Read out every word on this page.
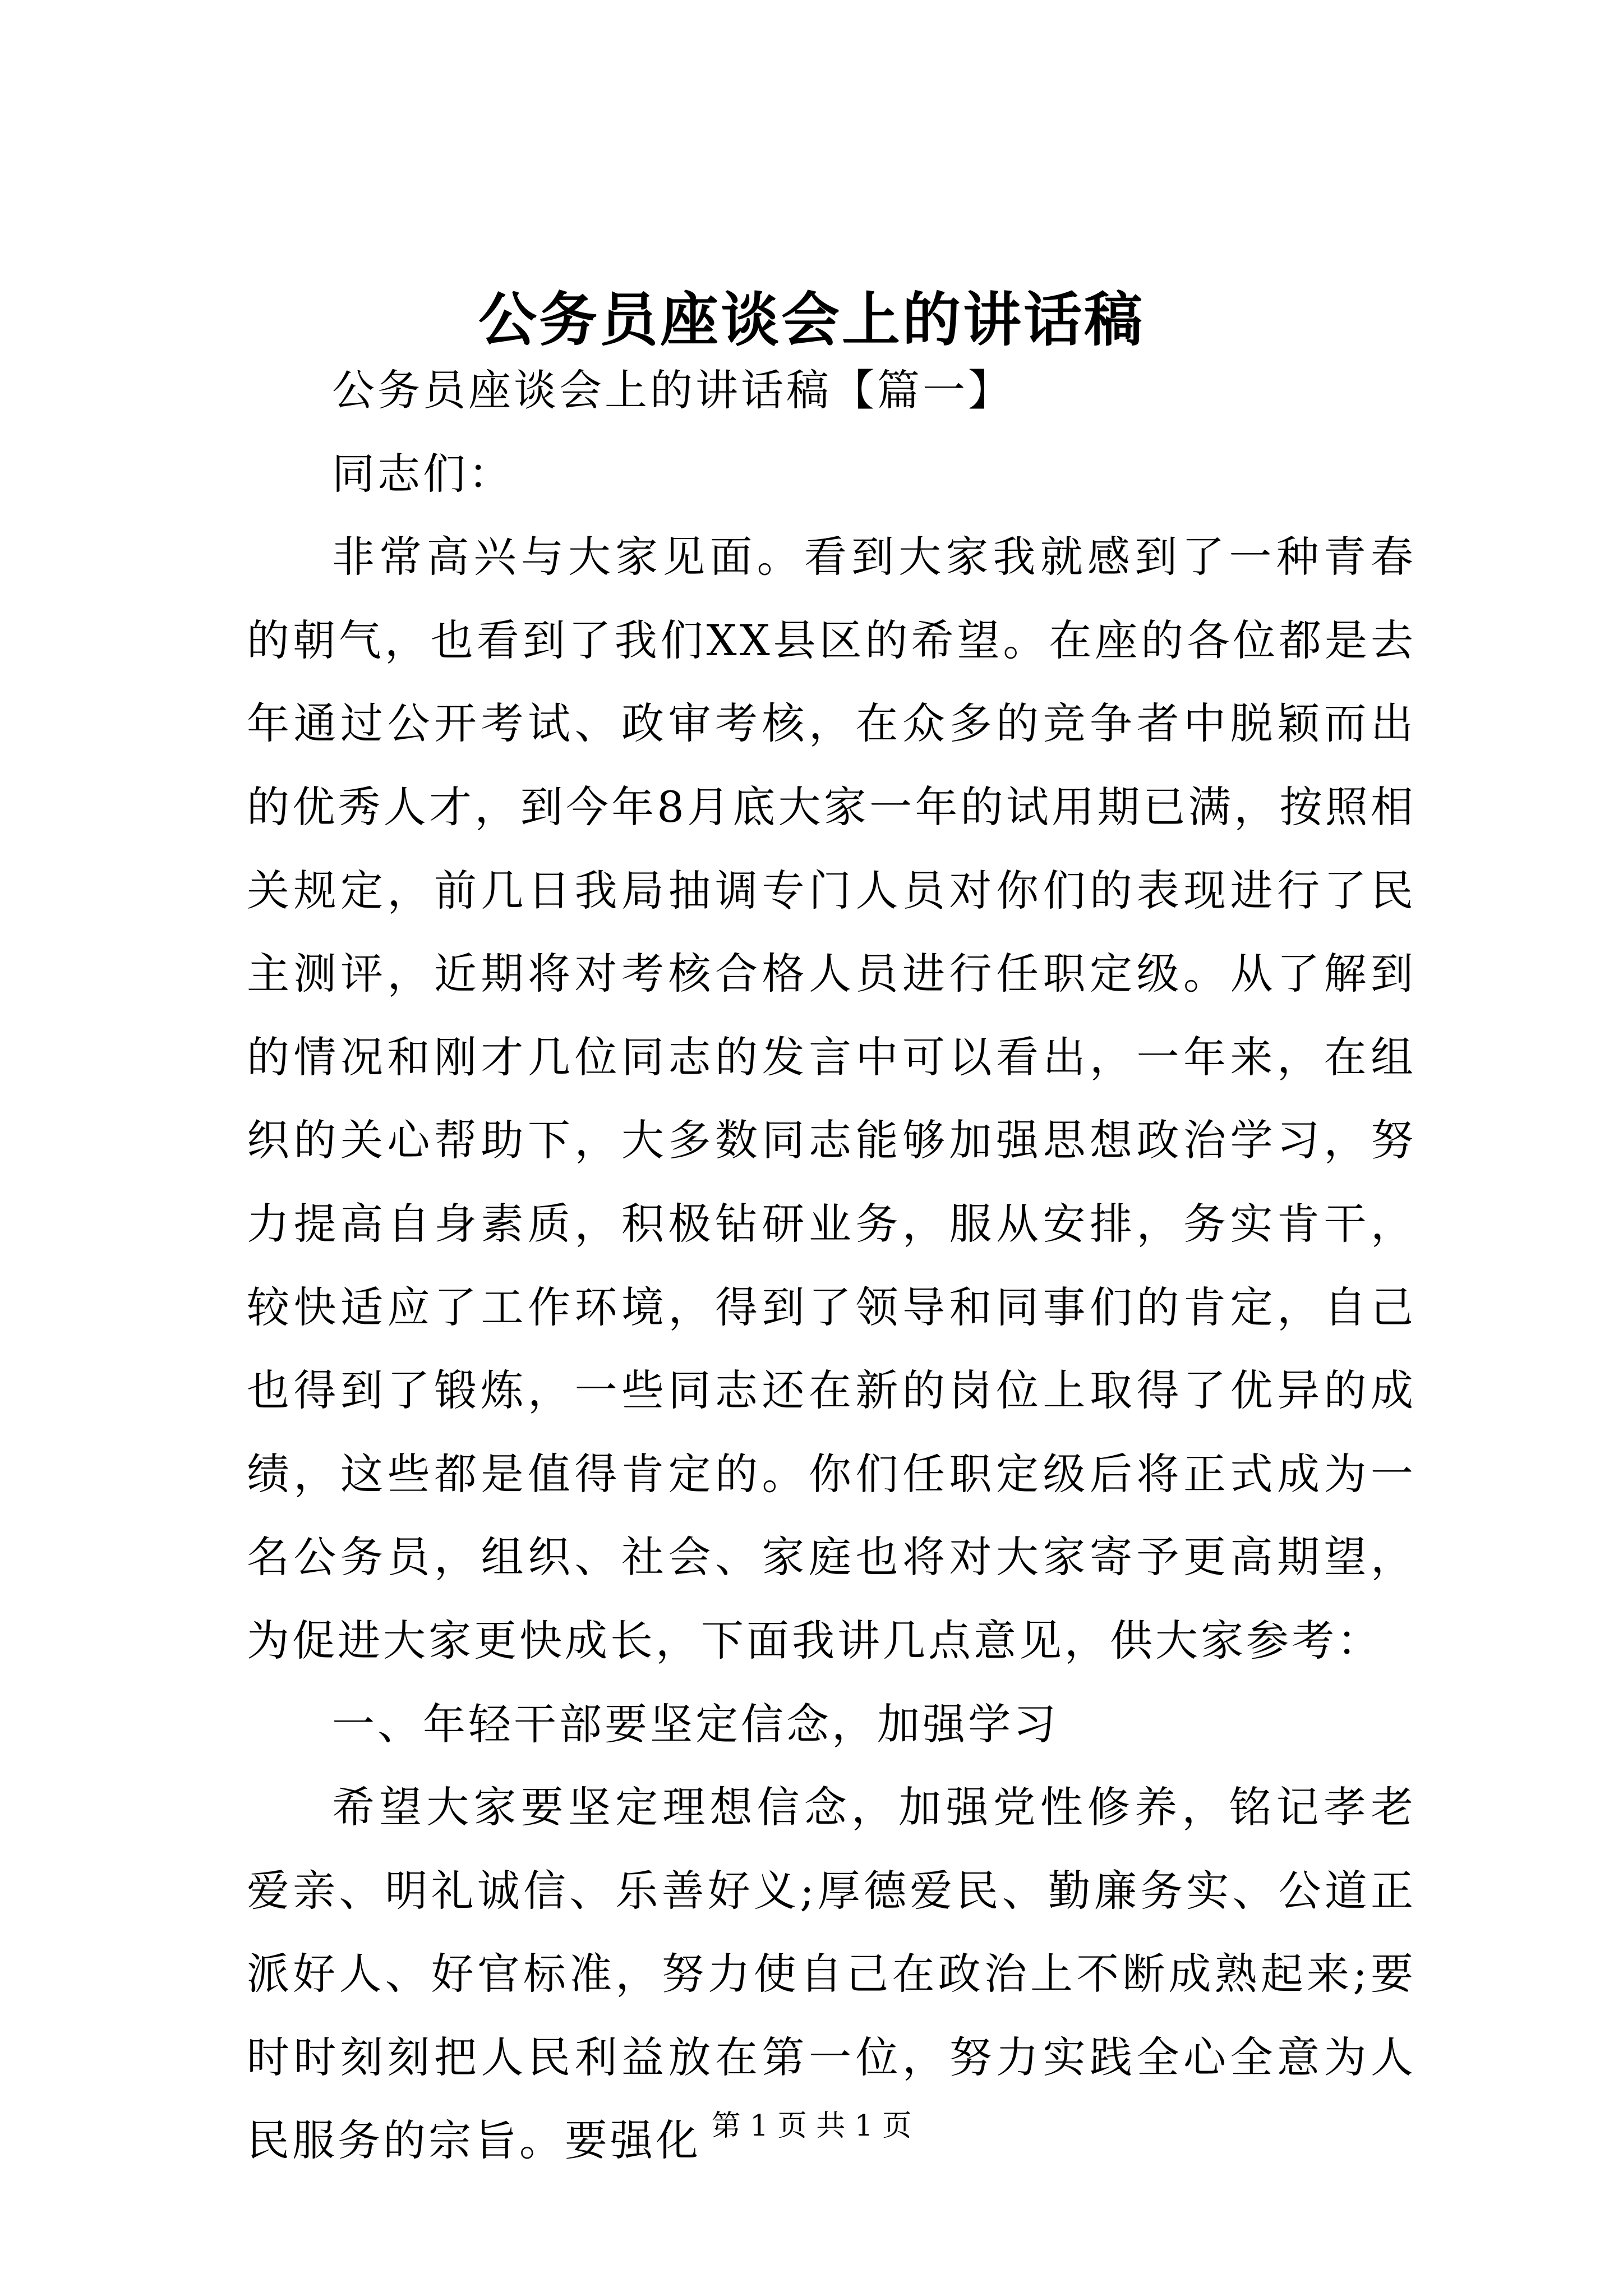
公务员座谈会上的讲话稿

公务员座谈会上的讲话稿【篇一】

同志们：

非常高兴与大家见面。看到大家我就感到了一种青春的朝气，也看到了我们XX县区的希望。在座的各位都是去年通过公开考试、政审考核，在众多的竞争者中脱颖而出的优秀人才，到今年8月底大家一年的试用期已满，按照相关规定，前几日我局抽调专门人员对你们的表现进行了民主测评，近期将对考核合格人员进行任职定级。从了解到的情况和刚才几位同志的发言中可以看出，一年来，在组织的关心帮助下，大多数同志能够加强思想政治学习，努力提高自身素质，积极钻研业务，服从安排，务实肯干，较快适应了工作环境，得到了领导和同事们的肯定，自己也得到了锻炼，一些同志还在新的岗位上取得了优异的成绩，这些都是值得肯定的。你们任职定级后将正式成为一名公务员，组织、社会、家庭也将对大家寄予更高期望，为促进大家更快成长，下面我讲几点意见，供大家参考：

一、年轻干部要坚定信念，加强学习

希望大家要坚定理想信念，加强党性修养，铭记孝老爱亲、明礼诚信、乐善好义;厚德爱民、勤廉务实、公道正派好人、好官标准，努力使自己在政治上不断成熟起来;要时时刻刻把人民利益放在第一位，努力实践全心全意为人民服务的宗旨。要强化 第 1 页 共 1 页
